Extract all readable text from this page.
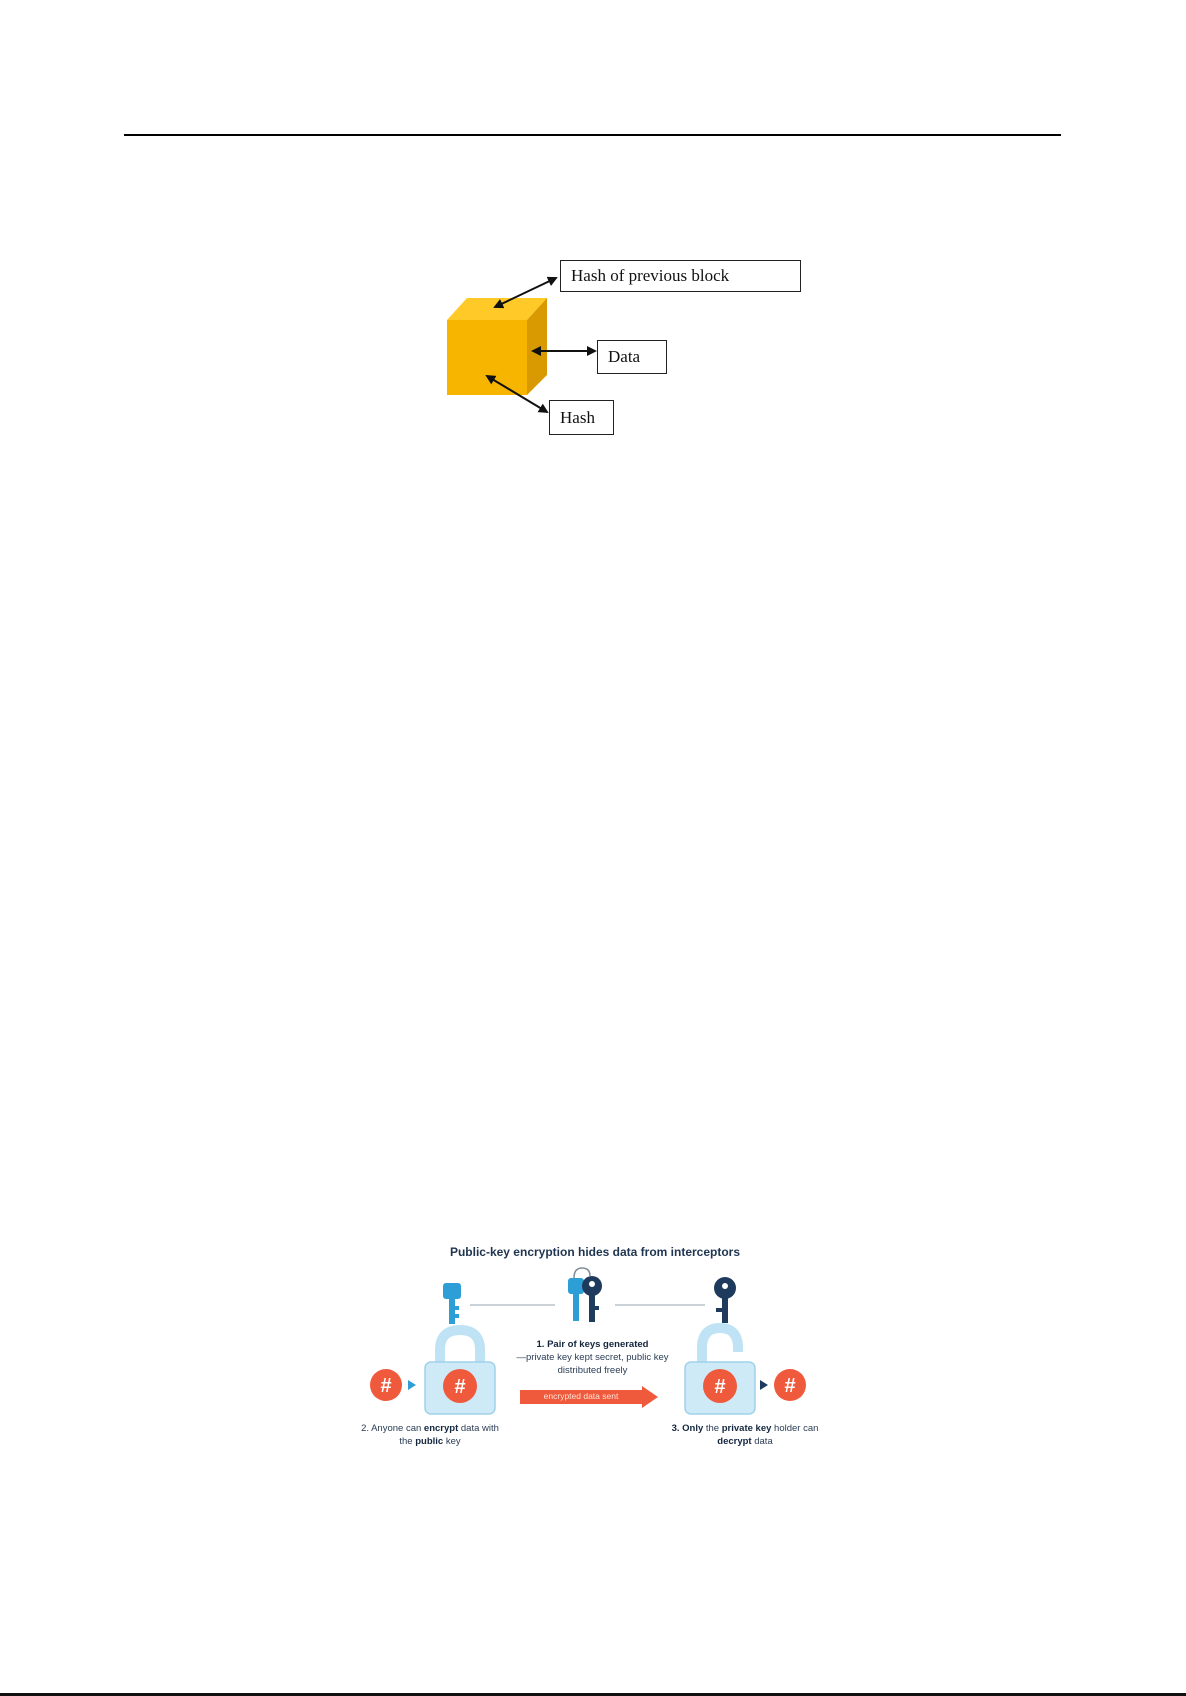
Hash of previous block
Data
Hash
Public-key encryption hides data from interceptors
#	#	#	#
1. Pair of keys generated
—private key kept secret, public key distributed freely
encrypted data sent
2. Anyone can encrypt data with the public key
3. Only the private key holder can decrypt data
